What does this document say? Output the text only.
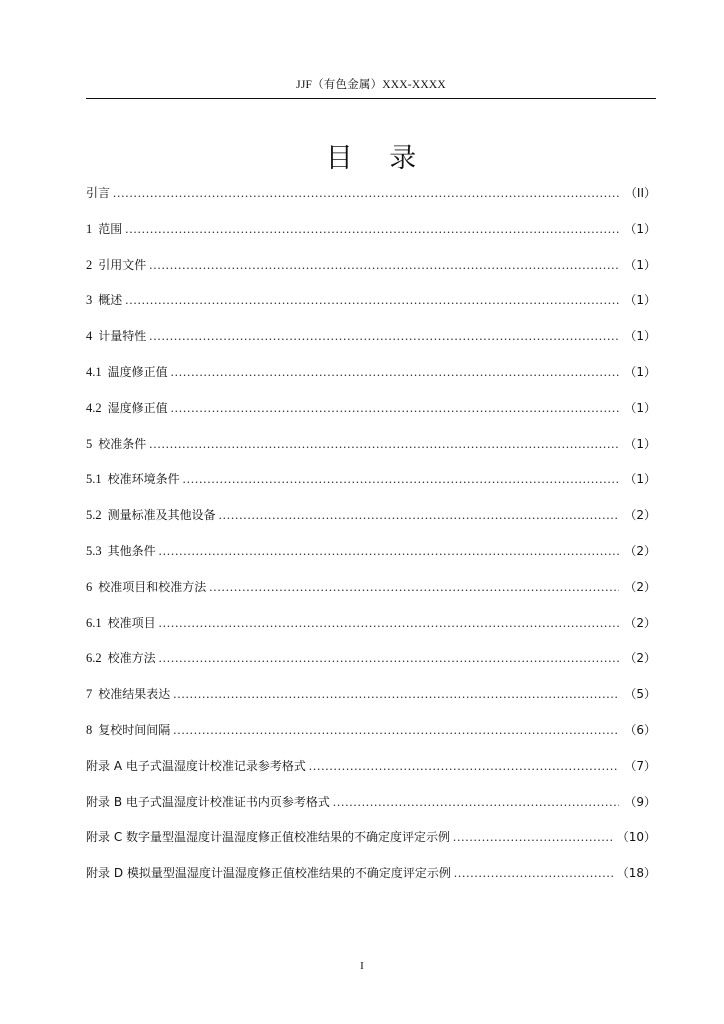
JJF（有色金属）XXX-XXXX
目 录
引言 .....	（II）
1 范围 .....	（1）
2 引用文件 .....	（1）
3 概述 .....	（1）
4 计量特性 .....	（1）
4.1 温度修正值 .....	（1）
4.2 湿度修正值 .....	（1）
5 校准条件 .....	（1）
5.1 校准环境条件 .....	（1）
5.2 测量标准及其他设备 .....	（2）
5.3 其他条件 .....	（2）
6 校准项目和校准方法 .....	（2）
6.1 校准项目 .....	（2）
6.2 校准方法 .....	（2）
7 校准结果表达 .....	（5）
8 复校时间间隔 .....	（6）
附录 A 电子式温湿度计校准记录参考格式 .....	（7）
附录 B 电子式温湿度计校准证书内页参考格式 .....	（9）
附录 C 数字量型温湿度计温湿度修正值校准结果的不确定度评定示例 .....	（10）
附录 D 模拟量型温湿度计温湿度修正值校准结果的不确定度评定示例 .....	（18）
I
